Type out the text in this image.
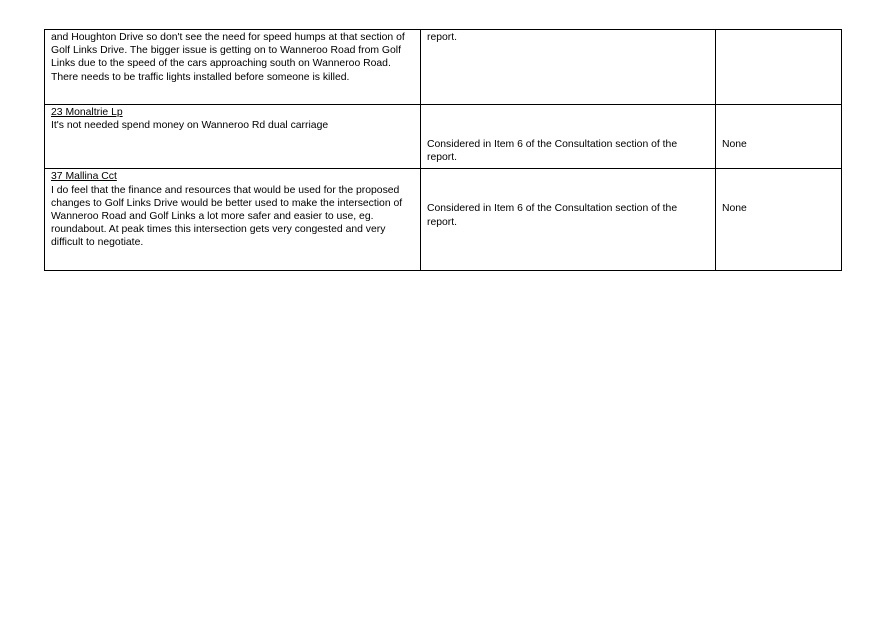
and Houghton Drive so don't see the need for speed humps at that section of Golf Links Drive. The bigger issue is getting on to Wanneroo Road from Golf Links due to the speed of the cars approaching south on Wanneroo Road. There needs to be traffic lights installed before someone is killed.	report.	

23 Monaltrie Lp

It's not needed spend money on Wanneroo Rd dual carriage	Considered in Item 6 of the Consultation section of the report.	None

37 Mallina Cct

I do feel that the finance and resources that would be used for the proposed changes to Golf Links Drive would be better used to make the intersection of Wanneroo Road and Golf Links a lot more safer and easier to use, eg. roundabout. At peak times this intersection gets very congested and very difficult to negotiate.	Considered in Item 6 of the Consultation section of the report.	None
